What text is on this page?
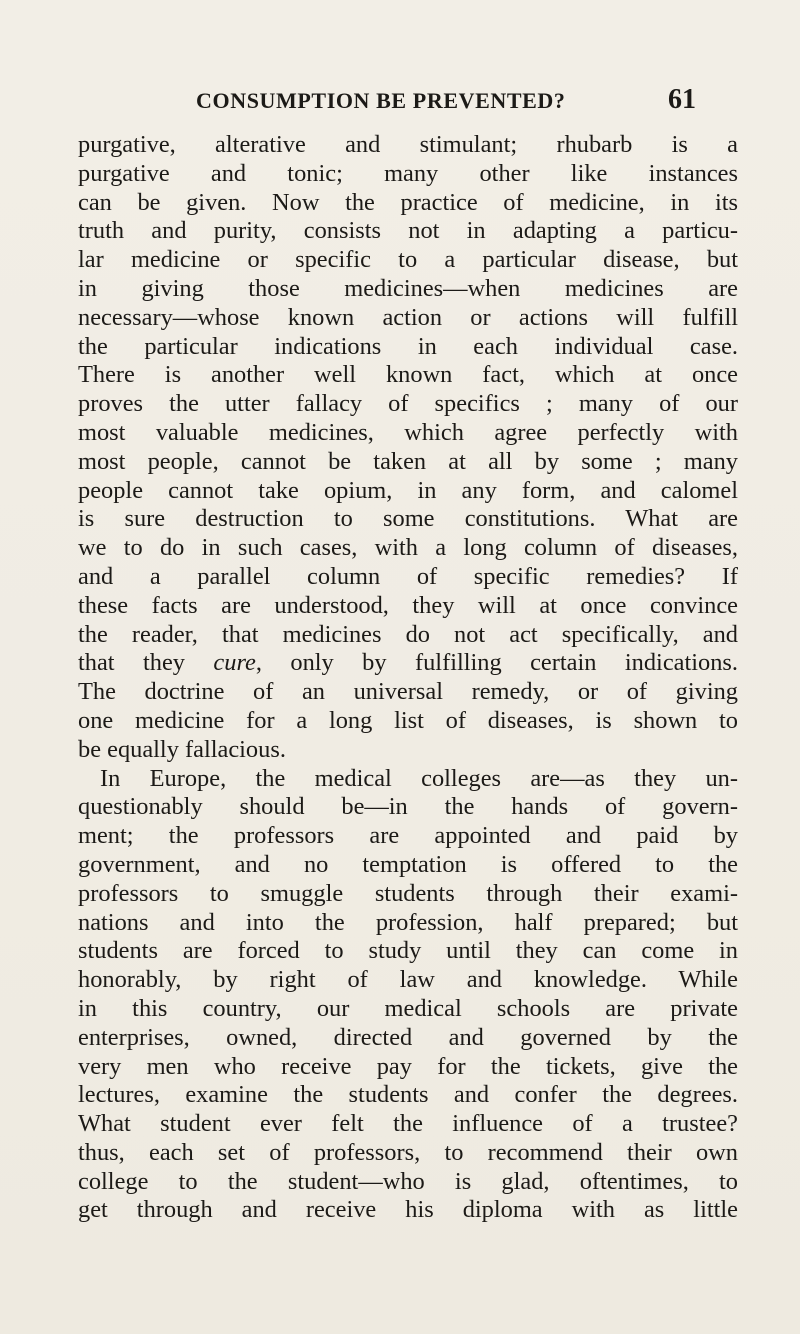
CONSUMPTION BE PREVENTED?	61
purgative, alterative and stimulant; rhubarb is a
purgative and tonic; many other like instances
can be given. Now the practice of medicine, in its
truth and purity, consists not in adapting a particu-
lar medicine or specific to a particular disease, but
in giving those medicines—when medicines are
necessary—whose known action or actions will fulfill
the particular indications in each individual case.
There is another well known fact, which at once
proves the utter fallacy of specifics ; many of our
most valuable medicines, which agree perfectly with
most people, cannot be taken at all by some ; many
people cannot take opium, in any form, and calomel
is sure destruction to some constitutions. What are
we to do in such cases, with a long column of diseases,
and a parallel column of specific remedies? If
these facts are understood, they will at once convince
the reader, that medicines do not act specifically, and
that they cure, only by fulfilling certain indications.
The doctrine of an universal remedy, or of giving
one medicine for a long list of diseases, is shown to
be equally fallacious.
In Europe, the medical colleges are—as they un-
questionably should be—in the hands of govern-
ment; the professors are appointed and paid by
government, and no temptation is offered to the
professors to smuggle students through their exami-
nations and into the profession, half prepared; but
students are forced to study until they can come in
honorably, by right of law and knowledge. While
in this country, our medical schools are private
enterprises, owned, directed and governed by the
very men who receive pay for the tickets, give the
lectures, examine the students and confer the degrees.
What student ever felt the influence of a trustee?
thus, each set of professors, to recommend their own
college to the student—who is glad, oftentimes, to
get through and receive his diploma with as little
